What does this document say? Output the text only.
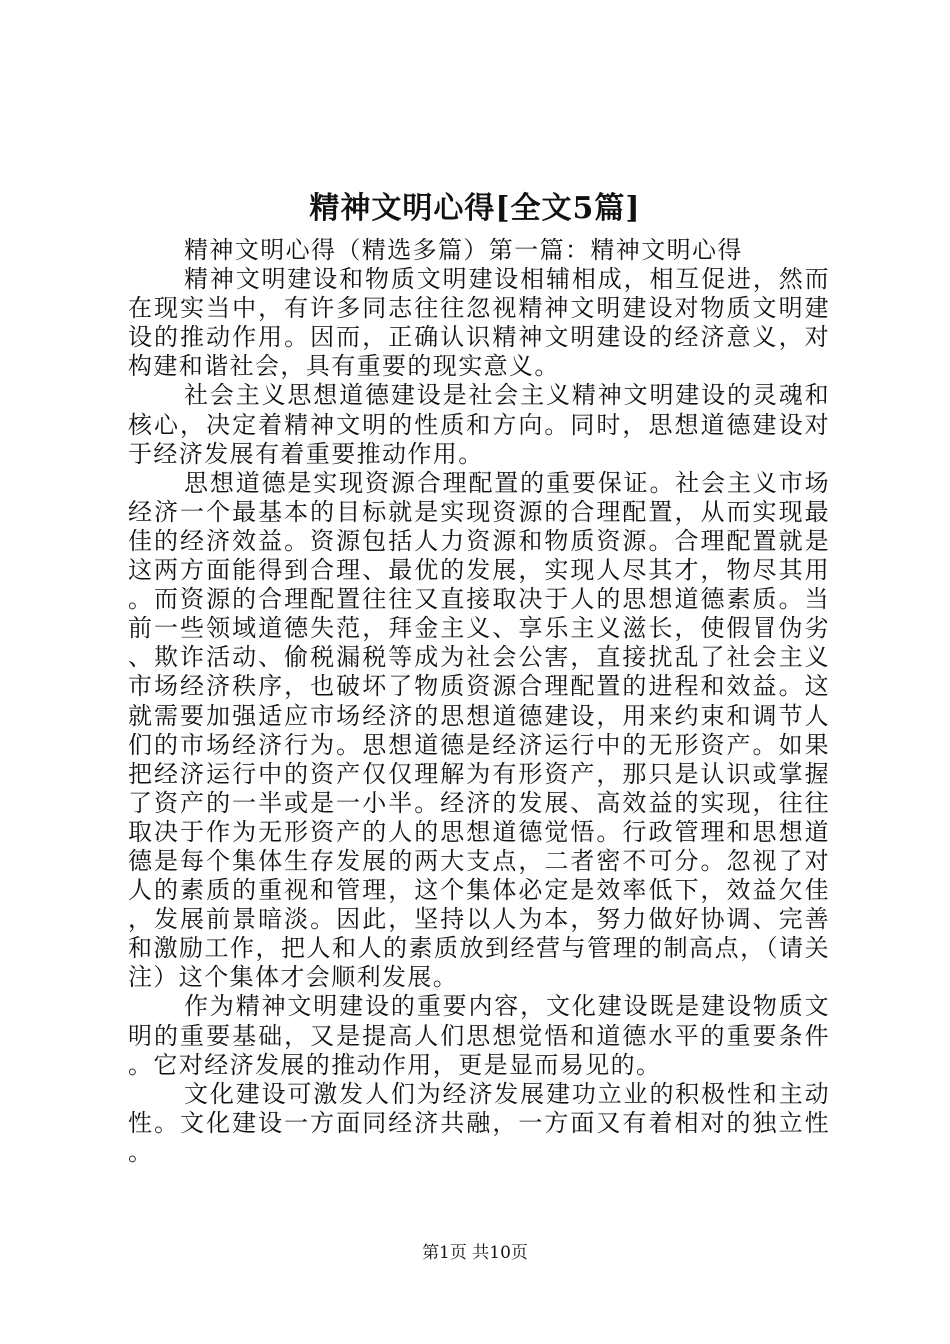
精神文明心得[全文5篇]

精神文明心得（精选多篇）第一篇：精神文明心得

精神文明建设和物质文明建设相辅相成，相互促进，然而在现实当中，有许多同志往往忽视精神文明建设对物质文明建设的推动作用。因而，正确认识精神文明建设的经济意义，对构建和谐社会，具有重要的现实意义。

社会主义思想道德建设是社会主义精神文明建设的灵魂和核心，决定着精神文明的性质和方向。同时，思想道德建设对于经济发展有着重要推动作用。

思想道德是实现资源合理配置的重要保证。社会主义市场经济一个最基本的目标就是实现资源的合理配置，从而实现最佳的经济效益。资源包括人力资源和物质资源。合理配置就是这两方面能得到合理、最优的发展，实现人尽其才，物尽其用。而资源的合理配置往往又直接取决于人的思想道德素质。当前一些领域道德失范，拜金主义、享乐主义滋长，使假冒伪劣、欺诈活动、偷税漏税等成为社会公害，直接扰乱了社会主义市场经济秩序，也破坏了物质资源合理配置的进程和效益。这就需要加强适应市场经济的思想道德建设，用来约束和调节人们的市场经济行为。思想道德是经济运行中的无形资产。如果把经济运行中的资产仅仅理解为有形资产，那只是认识或掌握了资产的一半或是一小半。经济的发展、高效益的实现，往往取决于作为无形资产的人的思想道德觉悟。行政管理和思想道德是每个集体生存发展的两大支点，二者密不可分。忽视了对人的素质的重视和管理，这个集体必定是效率低下，效益欠佳，发展前景暗淡。因此，坚持以人为本，努力做好协调、完善和激励工作，把人和人的素质放到经营与管理的制高点，（请关注）这个集体才会顺利发展。

作为精神文明建设的重要内容，文化建设既是建设物质文明的重要基础，又是提高人们思想觉悟和道德水平的重要条件。它对经济发展的推动作用，更是显而易见的。

文化建设可激发人们为经济发展建功立业的积极性和主动性。文化建设一方面同经济共融，一方面又有着相对的独立性。

第1页 共10页
